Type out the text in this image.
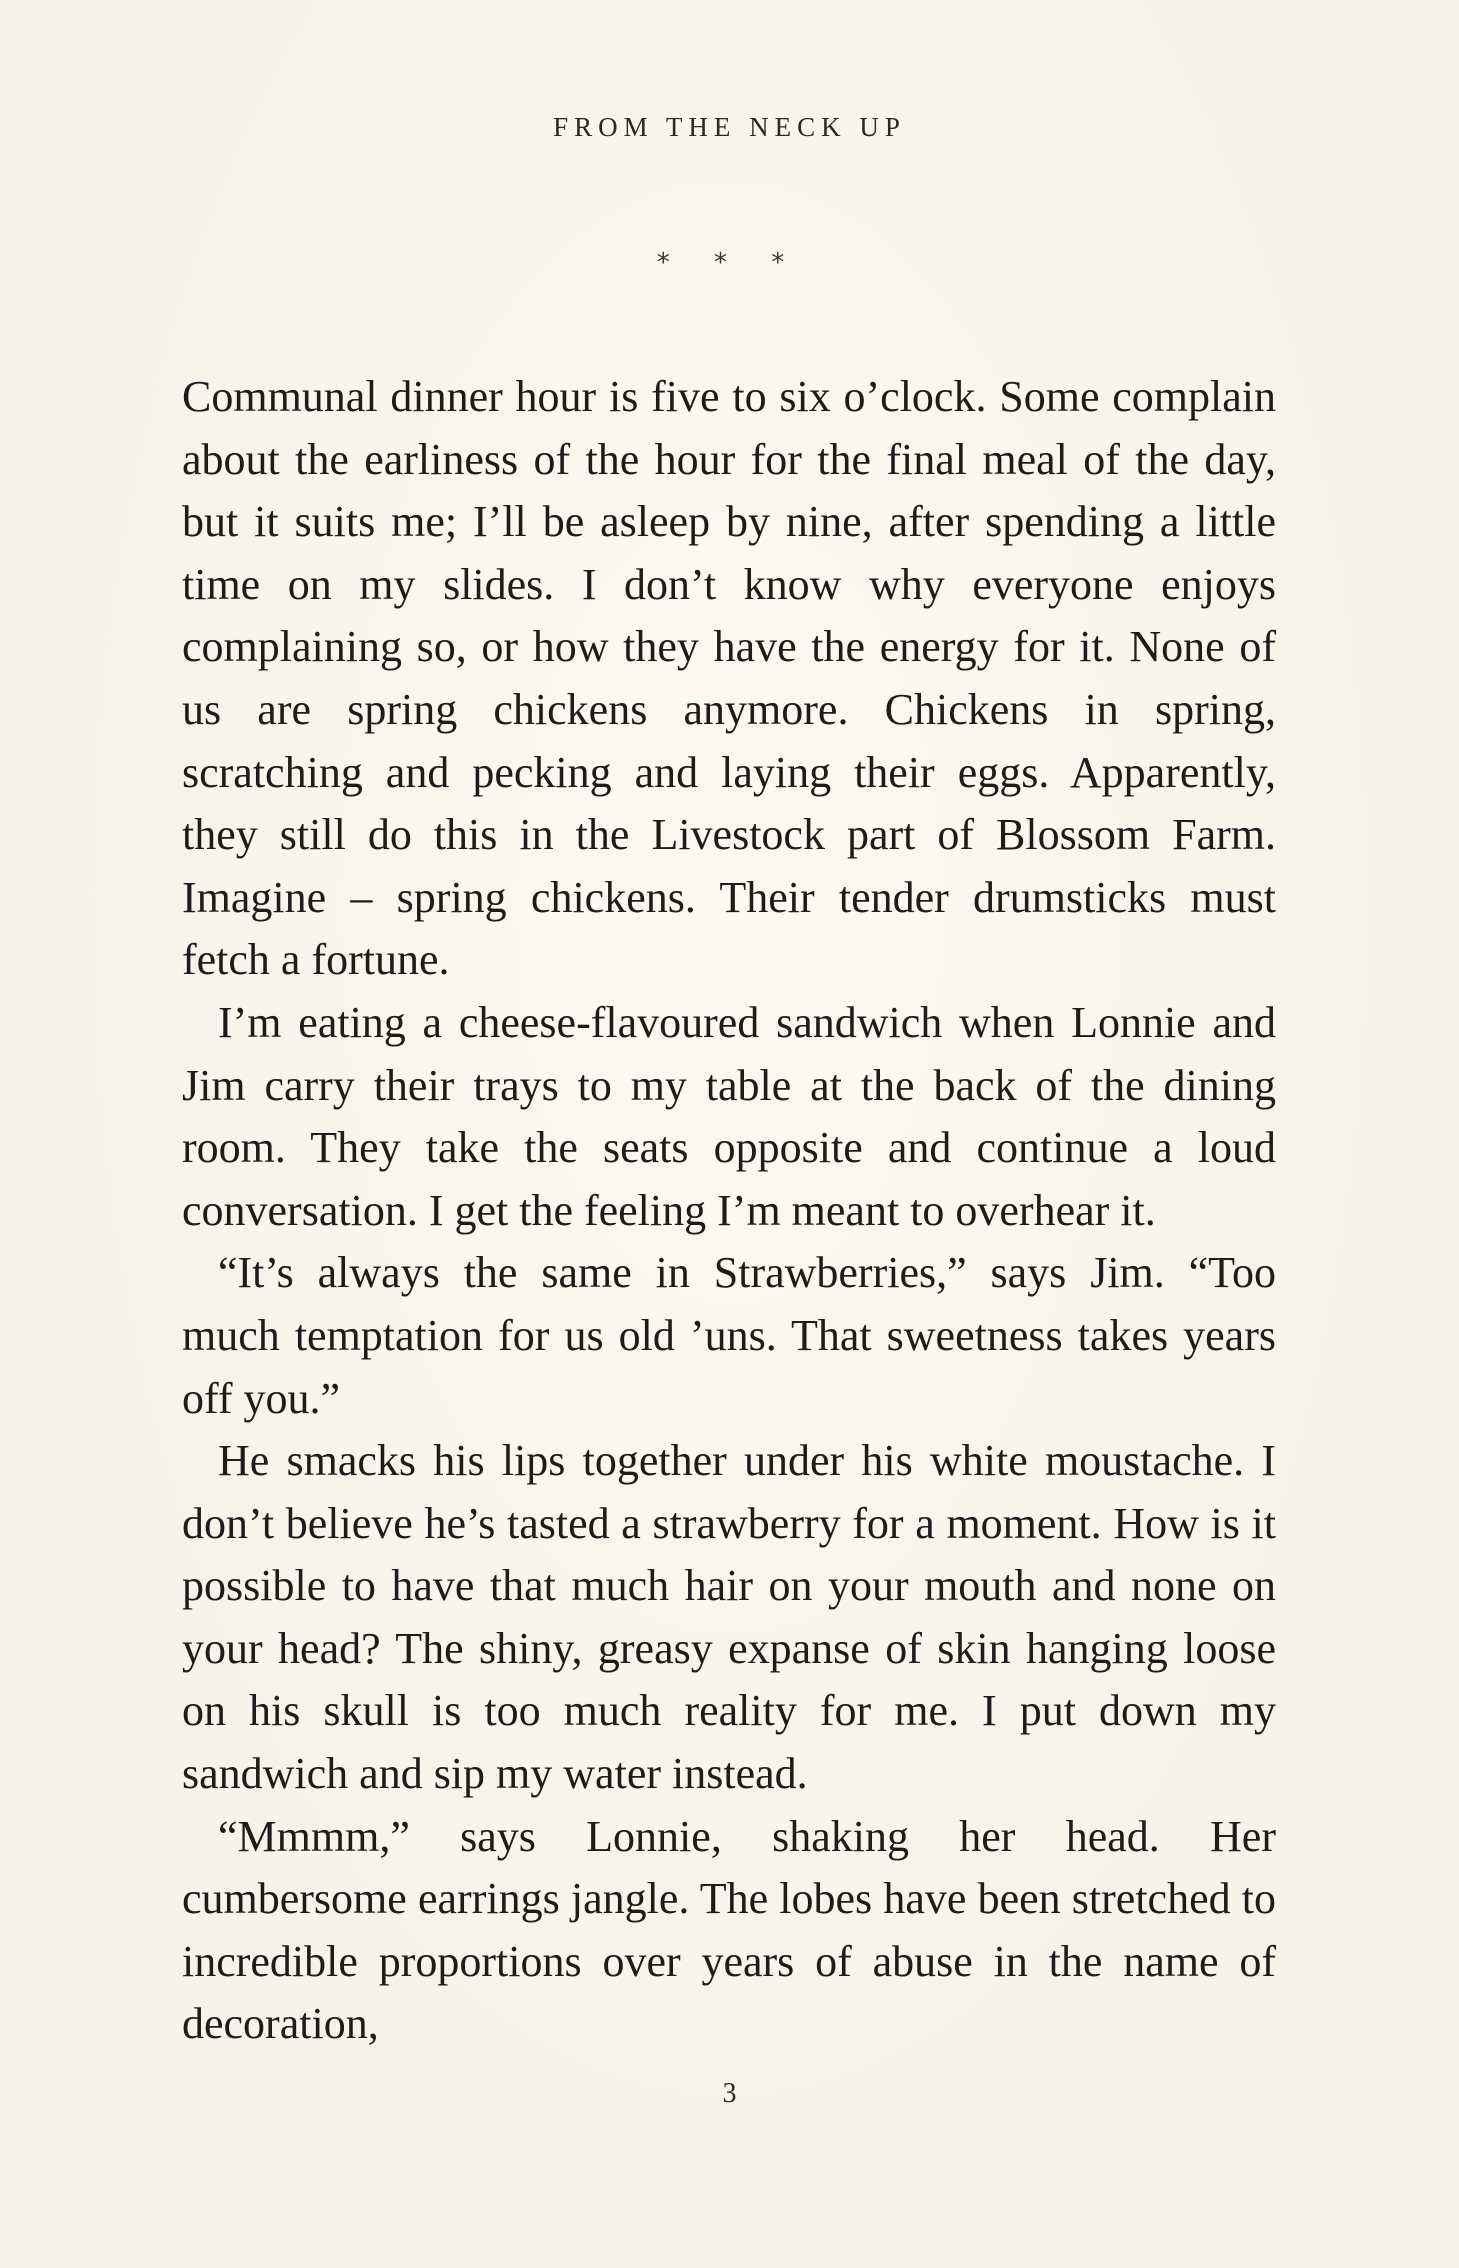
FROM THE NECK UP
* * *

Communal dinner hour is five to six o’clock. Some complain about the earliness of the hour for the final meal of the day, but it suits me; I’ll be asleep by nine, after spending a little time on my slides. I don’t know why everyone enjoys complaining so, or how they have the energy for it. None of us are spring chickens anymore. Chickens in spring, scratching and pecking and laying their eggs. Apparently, they still do this in the Livestock part of Blossom Farm. Imagine – spring chickens. Their tender drumsticks must fetch a fortune.

I’m eating a cheese-flavoured sandwich when Lonnie and Jim carry their trays to my table at the back of the dining room. They take the seats opposite and continue a loud conversation. I get the feeling I’m meant to overhear it.

“It’s always the same in Strawberries,” says Jim. “Too much temptation for us old ’uns. That sweetness takes years off you.”

He smacks his lips together under his white moustache. I don’t believe he’s tasted a strawberry for a moment. How is it possible to have that much hair on your mouth and none on your head? The shiny, greasy expanse of skin hanging loose on his skull is too much reality for me. I put down my sandwich and sip my water instead.

“Mmmm,” says Lonnie, shaking her head. Her cumbersome earrings jangle. The lobes have been stretched to incredible proportions over years of abuse in the name of decoration,

3
